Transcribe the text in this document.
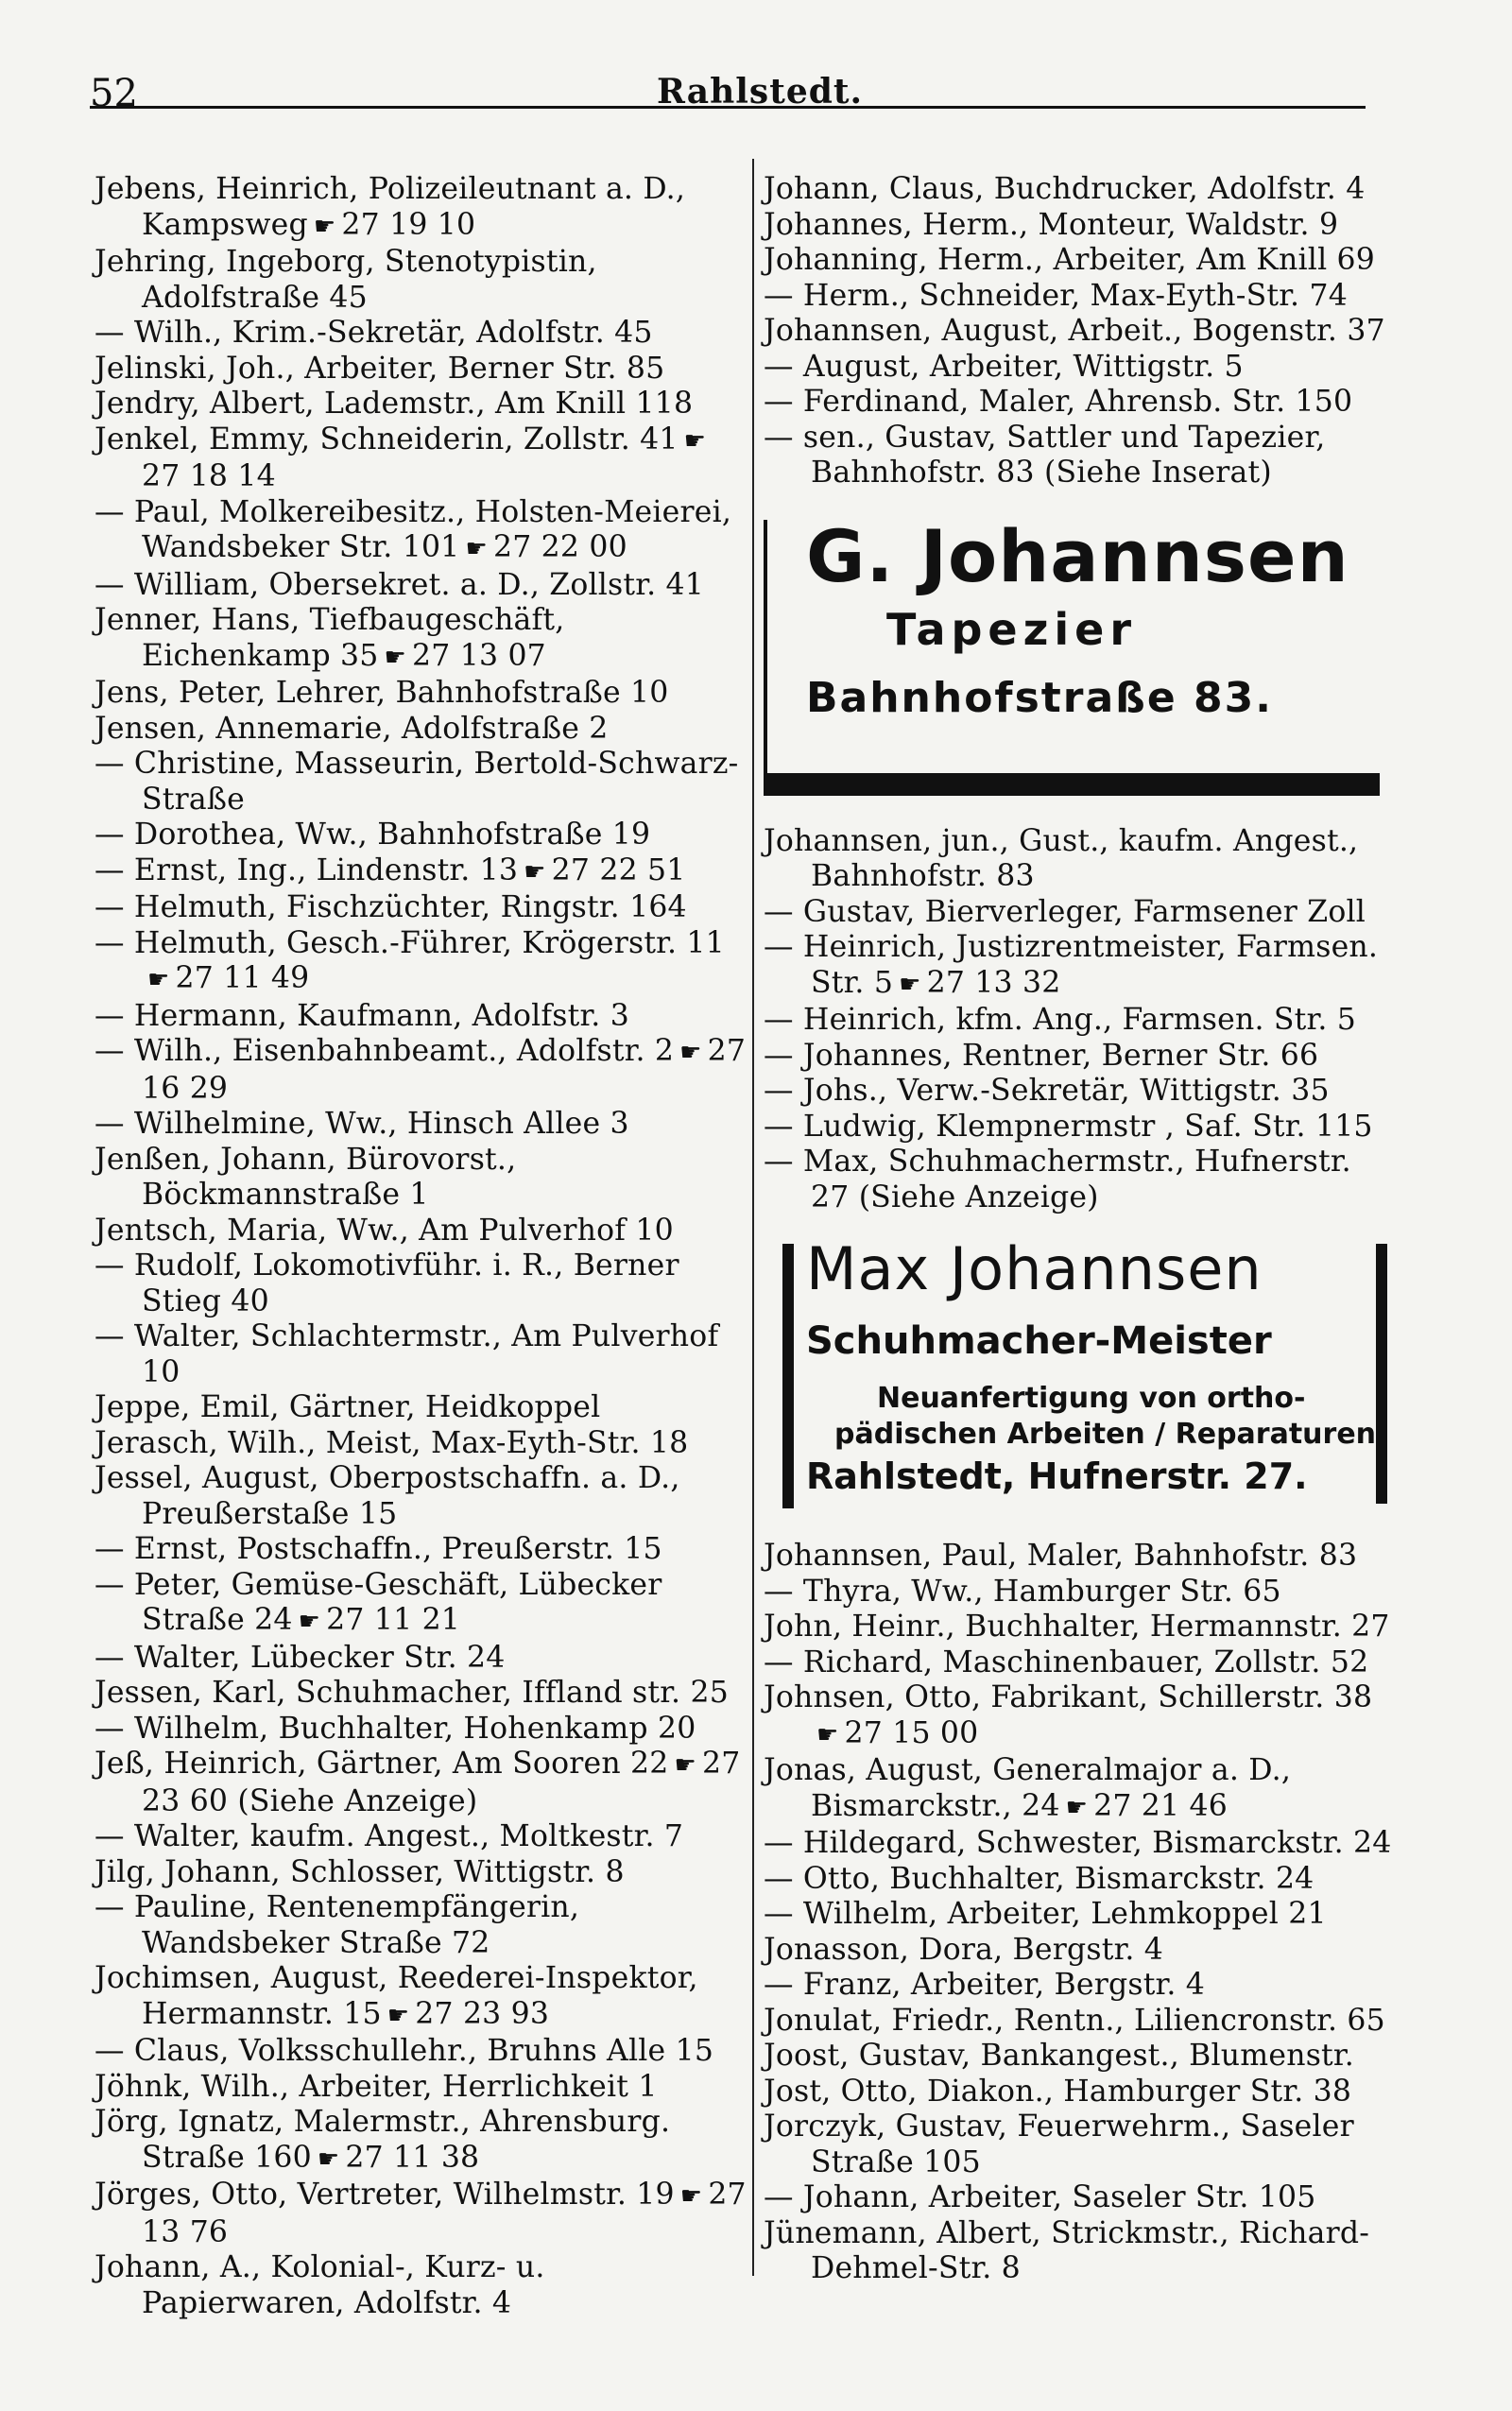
52	Rahlstedt.

Jebens, Heinrich, Polizeileutnant a. D., Kampsweg ☛ 27 19 10

Jehring, Ingeborg, Stenotypistin, Adolfstraße 45

— Wilh., Krim.-Sekretär, Adolfstr. 45

Jelinski, Joh., Arbeiter, Berner Str. 85

Jendry, Albert, Lademstr., Am Knill 118

Jenkel, Emmy, Schneiderin, Zollstr. 41 ☛27 18 14

— Paul, Molkereibesitz., Holsten-Meierei, Wandsbeker Str. 101 ☛ 27 22 00

— William, Obersekret. a. D., Zollstr. 41

Jenner, Hans, Tiefbaugeschäft, Eichenkamp 35 ☛ 27 13 07

Jens, Peter, Lehrer, Bahnhofstraße 10

Jensen, Annemarie, Adolfstraße 2

— Christine, Masseurin, Bertold-Schwarz-Straße

— Dorothea, Ww., Bahnhofstraße 19

— Ernst, Ing., Lindenstr. 13 ☛ 27 22 51

— Helmuth, Fischzüchter, Ringstr. 164

— Helmuth, Gesch.-Führer, Krögerstr. 11☛ 27 11 49

— Hermann, Kaufmann, Adolfstr. 3

— Wilh., Eisenbahnbeamt., Adolfstr. 2 ☛ 27 16 29

— Wilhelmine, Ww., Hinsch Allee 3

Jenßen, Johann, Bürovorst., Böckmannstraße 1

Jentsch, Maria, Ww., Am Pulverhof 10

— Rudolf, Lokomotivführ. i. R., Berner Stieg 40

— Walter, Schlachtermstr., Am Pulverhof 10

Jeppe, Emil, Gärtner, Heidkoppel

Jerasch, Wilh., Meist, Max-Eyth-Str. 18

Jessel, August, Oberpostschaffn. a. D., Preußerstaße 15

— Ernst, Postschaffn., Preußerstr. 15

— Peter, Gemüse-Geschäft, Lübecker Straße 24 ☛ 27 11 21

— Walter, Lübecker Str. 24

Jessen, Karl, Schuhmacher, Iffland str. 25

— Wilhelm, Buchhalter, Hohenkamp 20

Jeß, Heinrich, Gärtner, Am Sooren 22 ☛ 27 23 60 (Siehe Anzeige)

— Walter, kaufm. Angest., Moltkestr. 7

Jilg, Johann, Schlosser, Wittigstr. 8

— Pauline, Rentenempfängerin, Wandsbeker Straße 72

Jochimsen, August, Reederei-Inspektor, Hermannstr. 15 ☛ 27 23 93

— Claus, Volksschullehr., Bruhns Alle 15

Jöhnk, Wilh., Arbeiter, Herrlichkeit 1

Jörg, Ignatz, Malermstr., Ahrensburg. Straße 160 ☛ 27 11 38

Jörges, Otto, Vertreter, Wilhelmstr. 19 ☛ 27 13 76

Johann, A., Kolonial-, Kurz- u. Papierwaren, Adolfstr. 4

Johann, Claus, Buchdrucker, Adolfstr. 4

Johannes, Herm., Monteur, Waldstr. 9

Johanning, Herm., Arbeiter, Am Knill 69

— Herm., Schneider, Max-Eyth-Str. 74

Johannsen, August, Arbeit., Bogenstr. 37

— August, Arbeiter, Wittigstr. 5

— Ferdinand, Maler, Ahrensb. Str. 150

— sen., Gustav, Sattler und Tapezier, Bahnhofstr. 83 (Siehe Inserat)

G. Johannsen
Tapezier
Bahnhofstraße 83.

Johannsen, jun., Gust., kaufm. Angest., Bahnhofstr. 83

— Gustav, Bierverleger, Farmsener Zoll

— Heinrich, Justizrentmeister, Farmsen. Str. 5 ☛ 27 13 32

— Heinrich, kfm. Ang., Farmsen. Str. 5

— Johannes, Rentner, Berner Str. 66

— Johs., Verw.-Sekretär, Wittigstr. 35

— Ludwig, Klempnermstr , Saf. Str. 115

— Max, Schuhmachermstr., Hufnerstr. 27 (Siehe Anzeige)

Max Johannsen
Schuhmacher-Meister
Neuanfertigung von ortho-
pädischen Arbeiten / Reparaturen
Rahlstedt, Hufnerstr. 27.

Johannsen, Paul, Maler, Bahnhofstr. 83

— Thyra, Ww., Hamburger Str. 65

John, Heinr., Buchhalter, Hermannstr. 27

— Richard, Maschinenbauer, Zollstr. 52

Johnsen, Otto, Fabrikant, Schillerstr. 38☛ 27 15 00

Jonas, August, Generalmajor a. D., Bismarckstr., 24 ☛ 27 21 46

— Hildegard, Schwester, Bismarckstr. 24

— Otto, Buchhalter, Bismarckstr. 24

— Wilhelm, Arbeiter, Lehmkoppel 21

Jonasson, Dora, Bergstr. 4

— Franz, Arbeiter, Bergstr. 4

Jonulat, Friedr., Rentn., Liliencronstr. 65

Joost, Gustav, Bankangest., Blumenstr.

Jost, Otto, Diakon., Hamburger Str. 38

Jorczyk, Gustav, Feuerwehrm., Saseler Straße 105

— Johann, Arbeiter, Saseler Str. 105

Jünemann, Albert, Strickmstr., Richard-Dehmel-Str. 8
